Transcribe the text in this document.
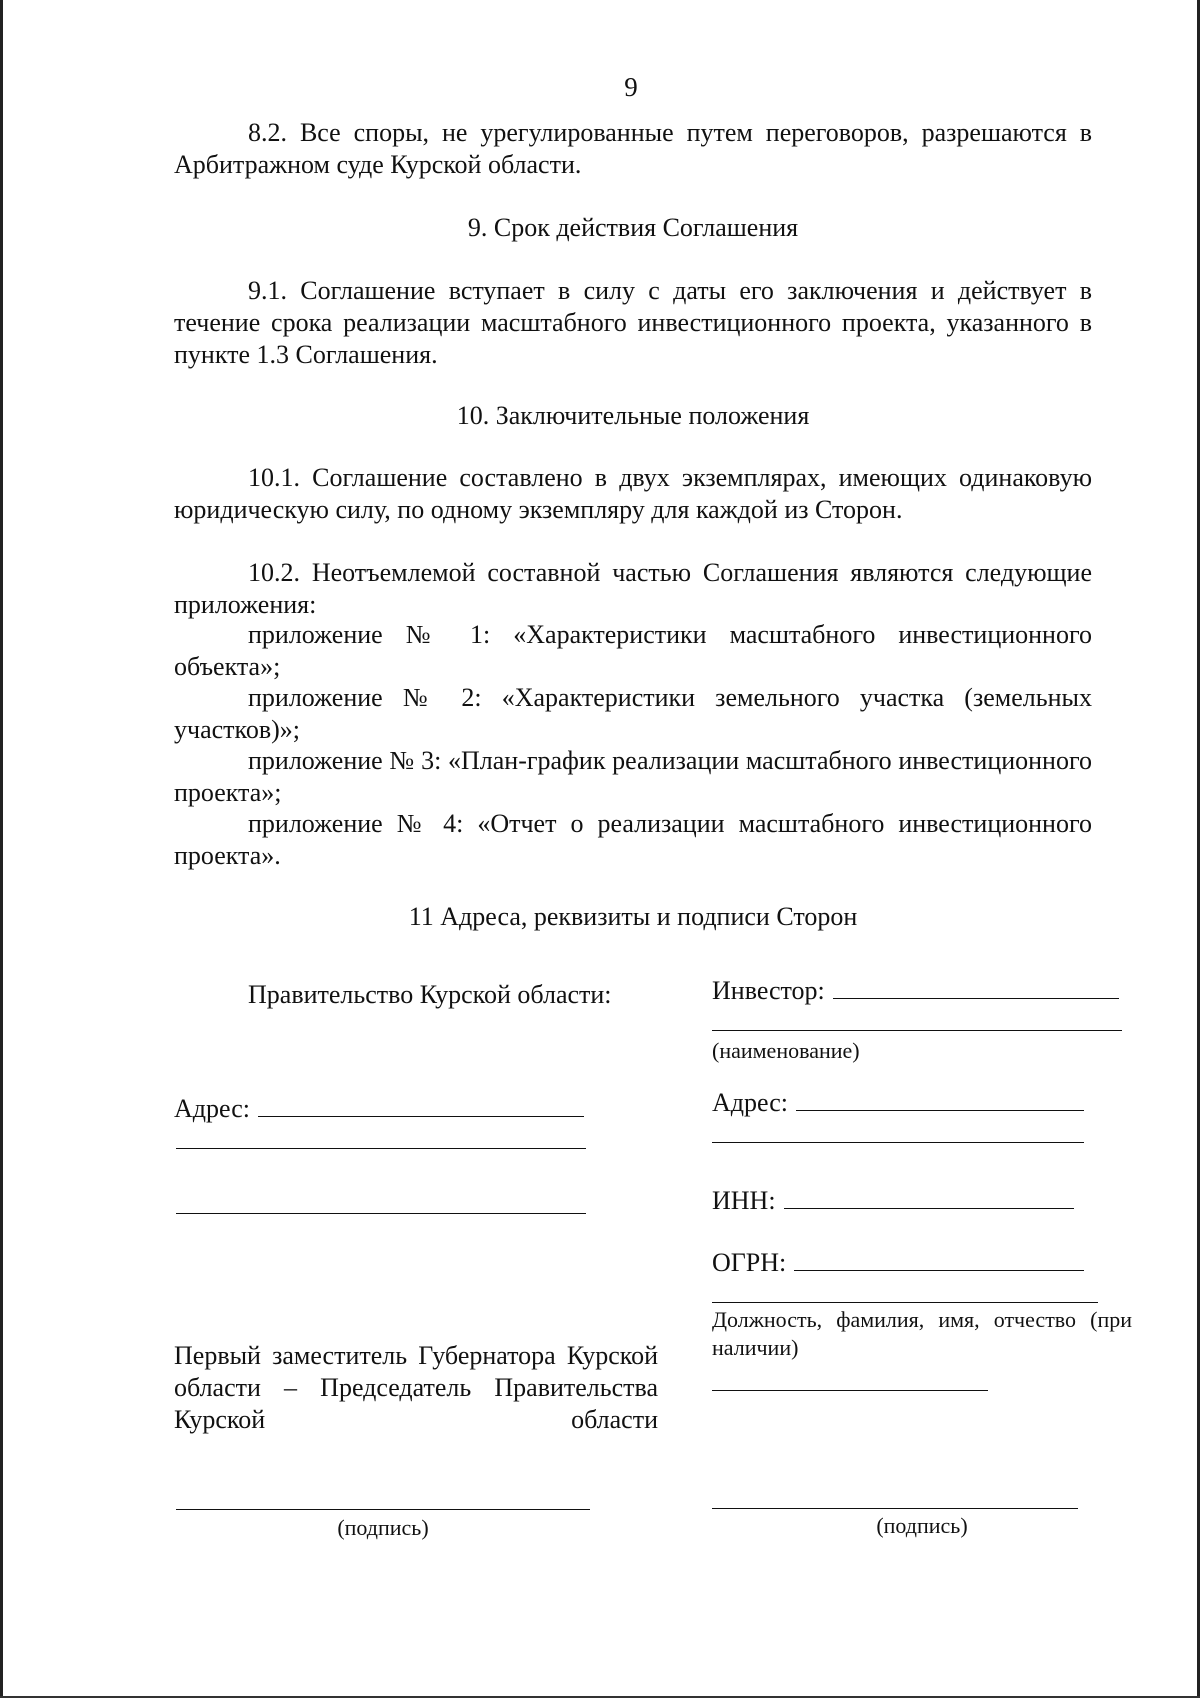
9

8.2. Все споры, не урегулированные путем переговоров, разрешаются в Арбитражном суде Курской области.

9. Срок действия Соглашения

9.1. Соглашение вступает в силу с даты его заключения и действует в течение срока реализации масштабного инвестиционного проекта, указанного в пункте 1.3 Соглашения.

10. Заключительные положения

10.1. Соглашение составлено в двух экземплярах, имеющих одинаковую юридическую силу, по одному экземпляру для каждой из Сторон.

10.2. Неотъемлемой составной частью Соглашения являются следующие приложения:

приложение № 1: «Характеристики масштабного инвестиционного объекта»;

приложение № 2: «Характеристики земельного участка (земельных участков)»;

приложение № 3: «План-график реализации масштабного инвестиционного проекта»;

приложение № 4: «Отчет о реализации масштабного инвестиционного проекта».

11 Адреса, реквизиты и подписи Сторон

Правительство Курской области:
Адрес:
Первый заместитель Губернатора Курской области – Председатель Правительства Курской области
(подпись)
Инвестор:
(наименование)
Адрес:
ИНН:
ОГРН:
Должность, фамилия, имя, отчество (при наличии)
(подпись)
